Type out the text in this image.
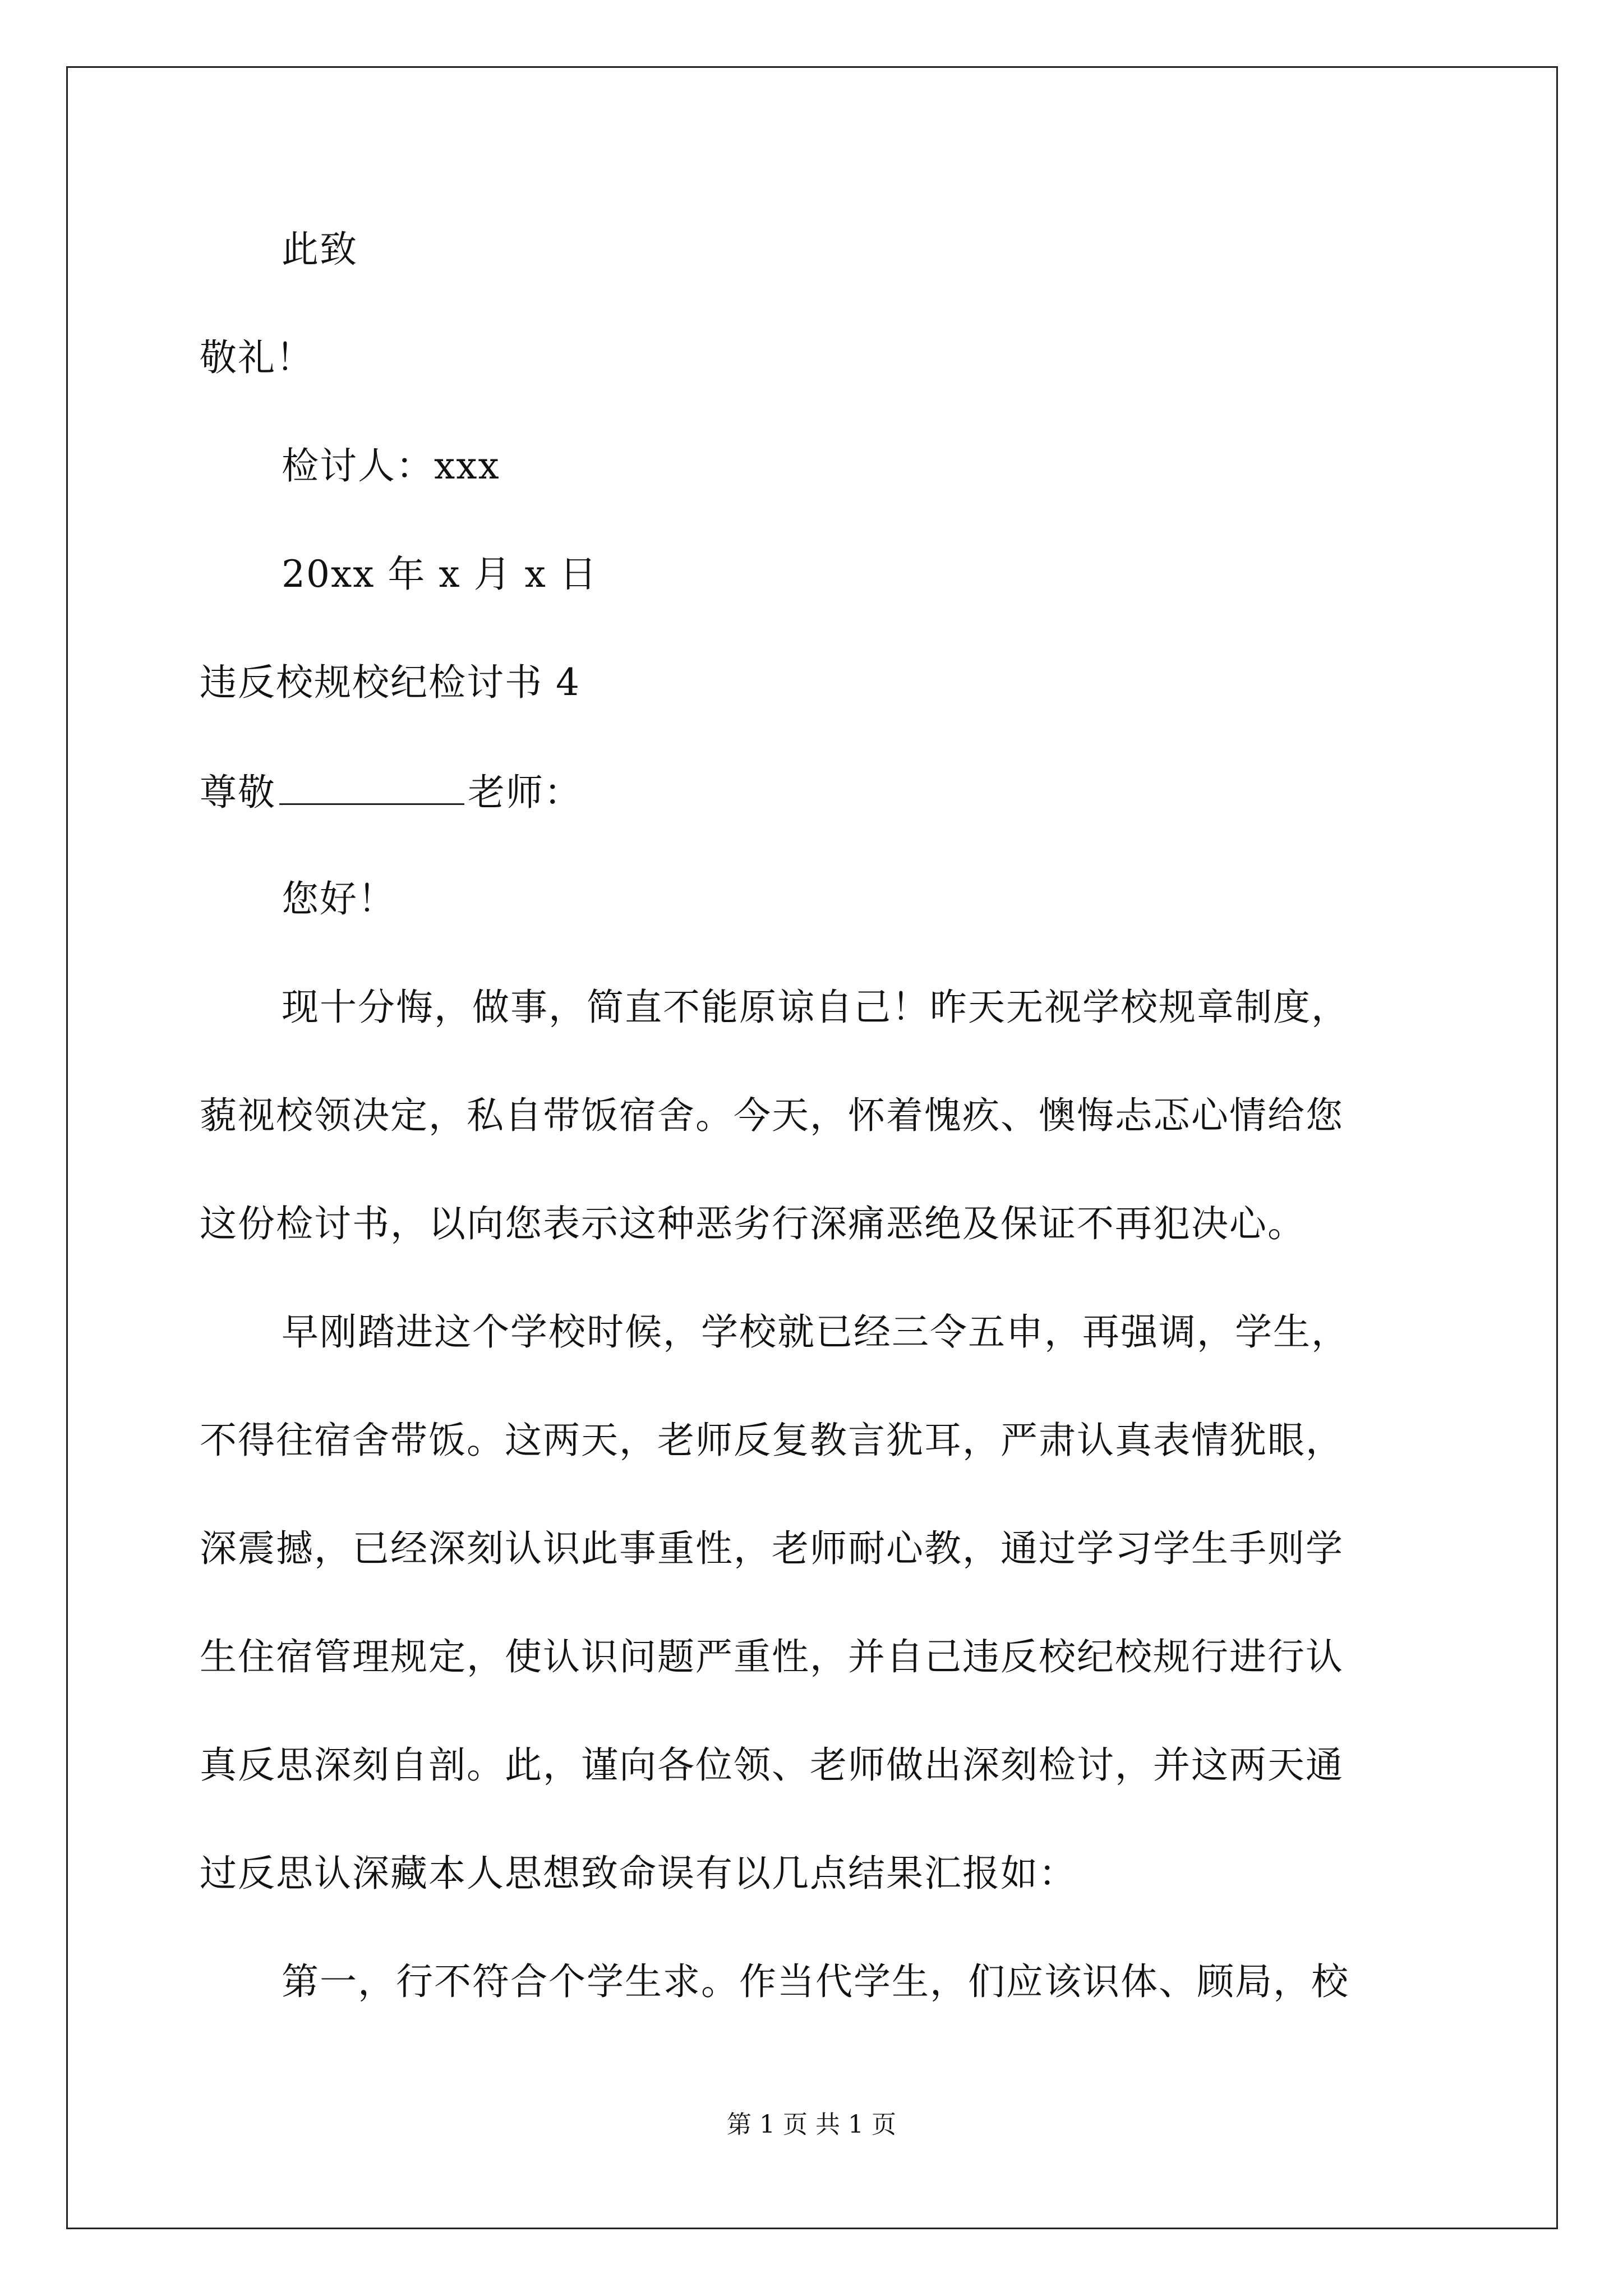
此致
敬礼！
检讨人：xxx
20xx 年 x 月 x 日
违反校规校纪检讨书 4
尊敬	老师：
您好！
现十分悔，做事，简直不能原谅自己！昨天无视学校规章制度，
藐视校领决定，私自带饭宿舍。今天，怀着愧疚、懊悔忐忑心情给您
这份检讨书，以向您表示这种恶劣行深痛恶绝及保证不再犯决心。
早刚踏进这个学校时候，学校就已经三令五申，再强调，学生，
不得往宿舍带饭。这两天，老师反复教言犹耳，严肃认真表情犹眼，
深震撼，已经深刻认识此事重性，老师耐心教，通过学习学生手则学
生住宿管理规定，使认识问题严重性，并自己违反校纪校规行进行认
真反思深刻自剖。此，谨向各位领、老师做出深刻检讨，并这两天通
过反思认深藏本人思想致命误有以几点结果汇报如：
第一，行不符合个学生求。作当代学生，们应该识体、顾局，校
第 1 页 共 1 页
